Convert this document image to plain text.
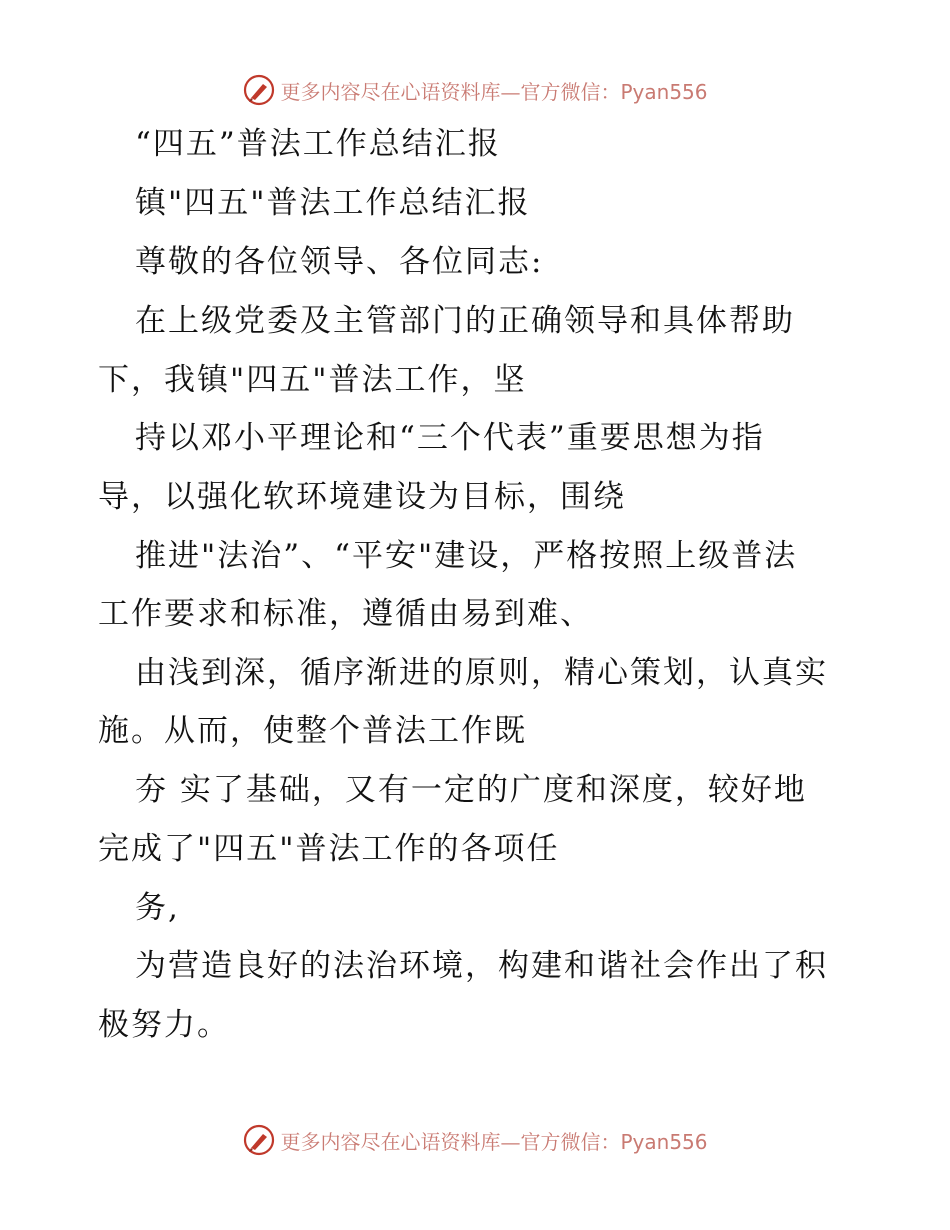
更多内容尽在心语资料库—官方微信：Pyan556
“四五”普法工作总结汇报
镇"四五"普法工作总结汇报
尊敬的各位领导、各位同志:
在上级党委及主管部门的正确领导和具体帮助
下，我镇"四五"普法工作，坚
持以邓小平理论和“三个代表”重要思想为指
导，以强化软环境建设为目标，围绕
推进"法治”、“平安"建设，严格按照上级普法
工作要求和标准，遵循由易到难、
由浅到深，循序渐进的原则，精心策划，认真实
施。从而，使整个普法工作既
夯 实了基础，又有一定的广度和深度，较好地
完成了"四五"普法工作的各项任
务,
为营造良好的法治环境，构建和谐社会作出了积
极努力。
更多内容尽在心语资料库—官方微信：Pyan556
